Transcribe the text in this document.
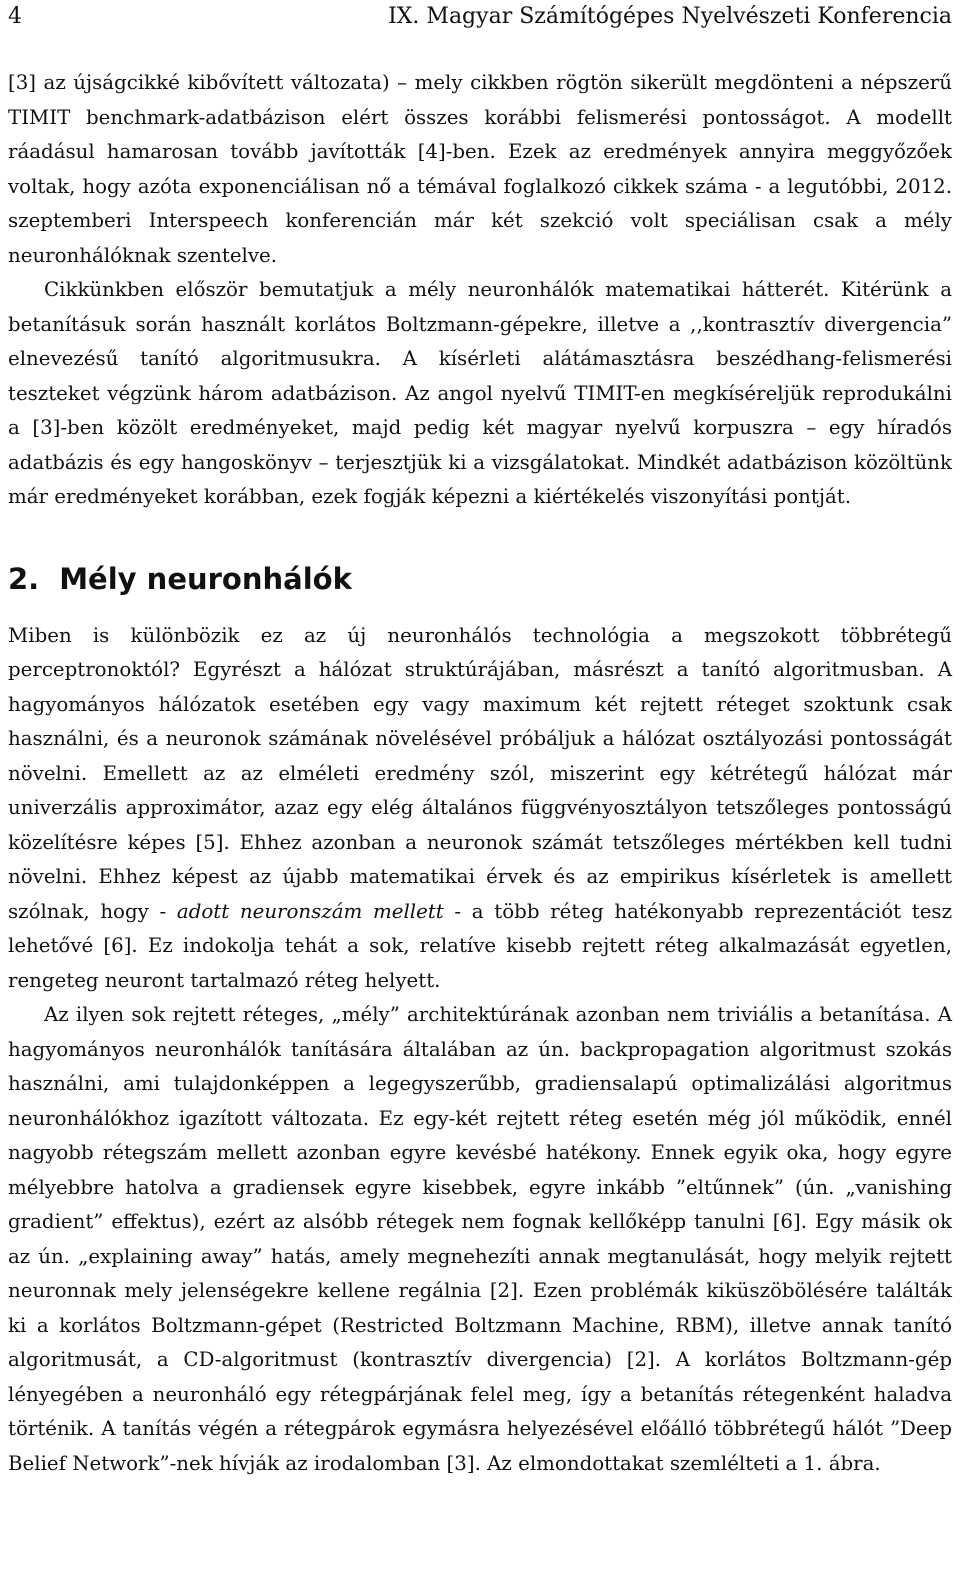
4	IX. Magyar Számítógépes Nyelvészeti Konferencia

[3] az újságcikké kibővített változata) – mely cikkben rögtön sikerült megdönteni a népszerű TIMIT benchmark-adatbázison elért összes korábbi felismerési pontosságot. A modellt ráadásul hamarosan tovább javították [4]-ben. Ezek az eredmények annyira meggyőzőek voltak, hogy azóta exponenciálisan nő a témával foglalkozó cikkek száma - a legutóbbi, 2012. szeptemberi Interspeech konferencián már két szekció volt speciálisan csak a mély neuronhálóknak szentelve.

Cikkünkben először bemutatjuk a mély neuronhálók matematikai hátterét. Kitérünk a betanításuk során használt korlátos Boltzmann-gépekre, illetve a ,,kontrasztív divergencia” elnevezésű tanító algoritmusukra. A kísérleti alátámasztásra beszédhang-felismerési teszteket végzünk három adatbázison. Az angol nyelvű TIMIT-en megkíséreljük reprodukálni a [3]-ben közölt eredményeket, majd pedig két magyar nyelvű korpuszra – egy híradós adatbázis és egy hangoskönyv – terjesztjük ki a vizsgálatokat. Mindkét adatbázison közöltünk már eredményeket korábban, ezek fogják képezni a kiértékelés viszonyítási pontját.

2. Mély neuronhálók

Miben is különbözik ez az új neuronhálós technológia a megszokott többrétegű perceptronoktól? Egyrészt a hálózat struktúrájában, másrészt a tanító algoritmusban. A hagyományos hálózatok esetében egy vagy maximum két rejtett réteget szoktunk csak használni, és a neuronok számának növelésével próbáljuk a hálózat osztályozási pontosságát növelni. Emellett az az elméleti eredmény szól, miszerint egy kétrétegű hálózat már univerzális approximátor, azaz egy elég általános függvényosztályon tetszőleges pontosságú közelítésre képes [5]. Ehhez azonban a neuronok számát tetszőleges mértékben kell tudni növelni. Ehhez képest az újabb matematikai érvek és az empirikus kísérletek is amellett szólnak, hogy - adott neuronszám mellett - a több réteg hatékonyabb reprezentációt tesz lehetővé [6]. Ez indokolja tehát a sok, relatíve kisebb rejtett réteg alkalmazását egyetlen, rengeteg neuront tartalmazó réteg helyett.

Az ilyen sok rejtett réteges, „mély” architektúrának azonban nem triviális a betanítása. A hagyományos neuronhálók tanítására általában az ún. backpropagation algoritmust szokás használni, ami tulajdonképpen a legegyszerűbb, gradiensalapú optimalizálási algoritmus neuronhálókhoz igazított változata. Ez egy-két rejtett réteg esetén még jól működik, ennél nagyobb rétegszám mellett azonban egyre kevésbé hatékony. Ennek egyik oka, hogy egyre mélyebbre hatolva a gradiensek egyre kisebbek, egyre inkább ”eltűnnek” (ún. „vanishing gradient” effektus), ezért az alsóbb rétegek nem fognak kellőképp tanulni [6]. Egy másik ok az ún. „explaining away” hatás, amely megnehezíti annak megtanulását, hogy melyik rejtett neuronnak mely jelenségekre kellene regálnia [2]. Ezen problémák kiküszöbölésére találták ki a korlátos Boltzmann-gépet (Restricted Boltzmann Machine, RBM), illetve annak tanító algoritmusát, a CD-algoritmust (kontrasztív divergencia) [2]. A korlátos Boltzmann-gép lényegében a neuronháló egy rétegpárjának felel meg, így a betanítás rétegenként haladva történik. A tanítás végén a rétegpárok egymásra helyezésével előálló többrétegű hálót ”Deep Belief Network”-nek hívják az irodalomban [3]. Az elmondottakat szemlélteti a 1. ábra.
